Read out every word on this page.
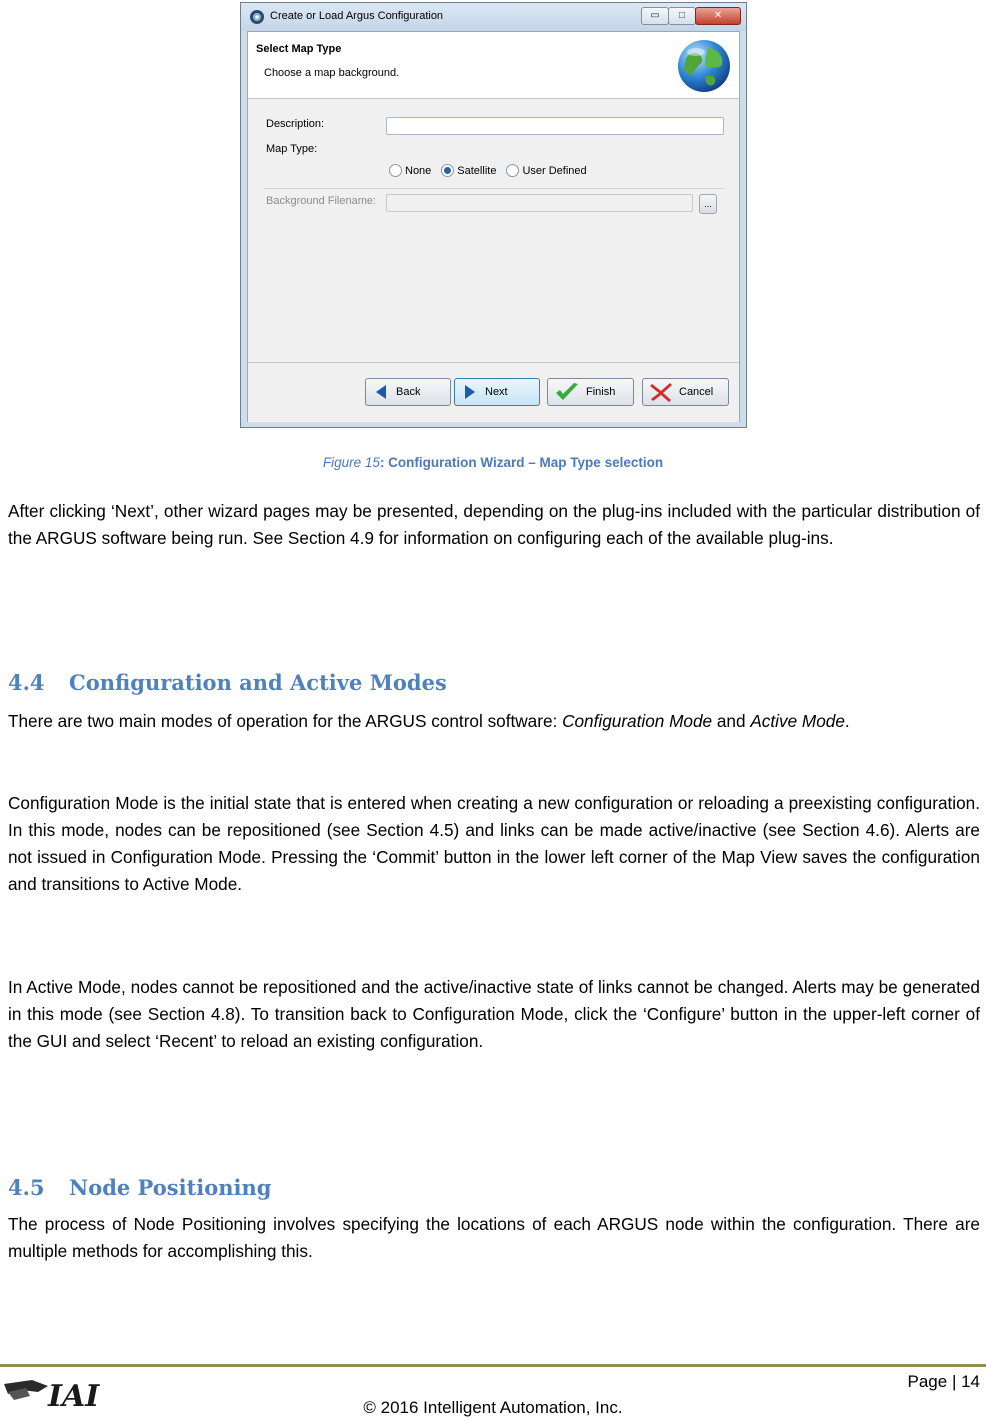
Create or Load Argus Configuration	▭	□	✕
Select Map Type
Choose a map background.
Description:
Map Type:
None Satellite User Defined
Background Filename:	...
Back	Next	Finish	Cancel
Figure 15: Configuration Wizard – Map Type selection

After clicking ‘Next’, other wizard pages may be presented, depending on the plug-ins included with the particular distribution of the ARGUS software being run. See Section 4.9 for information on configuring each of the available plug-ins.

4.4 Configuration and Active Modes

There are two main modes of operation for the ARGUS control software: Configuration Mode and Active Mode.

Configuration Mode is the initial state that is entered when creating a new configuration or reloading a preexisting configuration. In this mode, nodes can be repositioned (see Section 4.5) and links can be made active/inactive (see Section 4.6). Alerts are not issued in Configuration Mode. Pressing the ‘Commit’ button in the lower left corner of the Map View saves the configuration and transitions to Active Mode.

In Active Mode, nodes cannot be repositioned and the active/inactive state of links cannot be changed. Alerts may be generated in this mode (see Section 4.8). To transition back to Configuration Mode, click the ‘Configure’ button in the upper-left corner of the GUI and select ‘Recent’ to reload an existing configuration.

4.5 Node Positioning

The process of Node Positioning involves specifying the locations of each ARGUS node within the configuration. There are multiple methods for accomplishing this.

IAI	Page | 14
© 2016 Intelligent Automation, Inc.
